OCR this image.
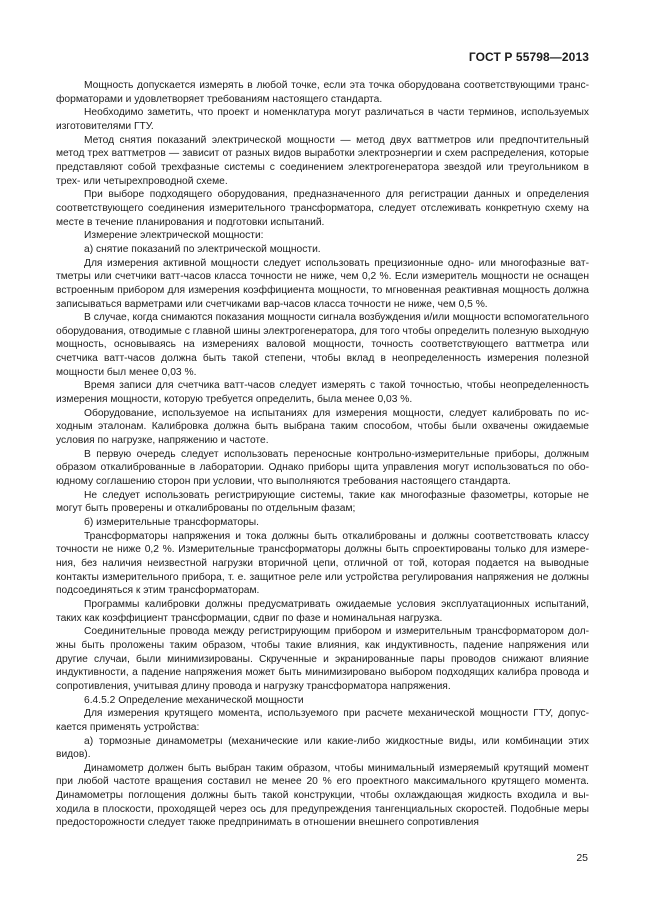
ГОСТ Р 55798—2013

Мощность допускается измерять в любой точке, если эта точка оборудована соответствующими трансформаторами и удовлетворяет требованиям настоящего стандарта.

Необходимо заметить, что проект и номенклатура могут различаться в части терминов, используемых изготовителями ГТУ.

Метод снятия показаний электрической мощности — метод двух ваттметров или предпочтительный метод трех ваттметров — зависит от разных видов выработки электроэнергии и схем распределения, которые представляют собой трехфазные системы с соединением электрогенератора звездой или треугольником в трех- или четырехпроводной схеме.

При выборе подходящего оборудования, предназначенного для регистрации данных и определения соответствующего соединения измерительного трансформатора, следует отслеживать конкретную схему на месте в течение планирования и подготовки испытаний.

Измерение электрической мощности:

а) снятие показаний по электрической мощности.

Для измерения активной мощности следует использовать прецизионные одно- или многофазные ваттметры или счетчики ватт-часов класса точности не ниже, чем 0,2 %. Если измеритель мощности не оснащен встроенным прибором для измерения коэффициента мощности, то мгновенная реактивная мощность должна записываться варметрами или счетчиками вар-часов класса точности не ниже, чем 0,5 %.

В случае, когда снимаются показания мощности сигнала возбуждения и/или мощности вспомогательного оборудования, отводимые с главной шины электрогенератора, для того чтобы определить полезную выходную мощность, основываясь на измерениях валовой мощности, точность соответствующего ваттметра или счетчика ватт-часов должна быть такой степени, чтобы вклад в неопределенность измерения полезной мощности был менее 0,03 %.

Время записи для счетчика ватт-часов следует измерять с такой точностью, чтобы неопределенность измерения мощности, которую требуется определить, была менее 0,03 %.

Оборудование, используемое на испытаниях для измерения мощности, следует калибровать по исходным эталонам. Калибровка должна быть выбрана таким способом, чтобы были охвачены ожидаемые условия по нагрузке, напряжению и частоте.

В первую очередь следует использовать переносные контрольно-измерительные приборы, должным образом откалиброванные в лаборатории. Однако приборы щита управления могут использоваться по обоюдному соглашению сторон при условии, что выполняются требования настоящего стандарта.

Не следует использовать регистрирующие системы, такие как многофазные фазометры, которые не могут быть проверены и откалиброваны по отдельным фазам;

б) измерительные трансформаторы.

Трансформаторы напряжения и тока должны быть откалиброваны и должны соответствовать классу точности не ниже 0,2 %. Измерительные трансформаторы должны быть спроектированы только для измерения, без наличия неизвестной нагрузки вторичной цепи, отличной от той, которая подается на выводные контакты измерительного прибора, т. е. защитное реле или устройства регулирования напряжения не должны подсоединяться к этим трансформаторам.

Программы калибровки должны предусматривать ожидаемые условия эксплуатационных испытаний, таких как коэффициент трансформации, сдвиг по фазе и номинальная нагрузка.

Соединительные провода между регистрирующим прибором и измерительным трансформатором должны быть проложены таким образом, чтобы такие влияния, как индуктивность, падение напряжения или другие случаи, были минимизированы. Скрученные и экранированные пары проводов снижают влияние индуктивности, а падение напряжения может быть минимизировано выбором подходящих калибра провода и сопротивления, учитывая длину провода и нагрузку трансформатора напряжения.

6.4.5.2 Определение механической мощности

Для измерения крутящего момента, используемого при расчете механической мощности ГТУ, допускается применять устройства:

а) тормозные динамометры (механические или какие-либо жидкостные виды, или комбинации этих видов).

Динамометр должен быть выбран таким образом, чтобы минимальный измеряемый крутящий момент при любой частоте вращения составил не менее 20 % его проектного максимального крутящего момента. Динамометры поглощения должны быть такой конструкции, чтобы охлаждающая жидкость входила и выходила в плоскости, проходящей через ось для предупреждения тангенциальных скоростей. Подобные меры предосторожности следует также предпринимать в отношении внешнего сопротивления

25
